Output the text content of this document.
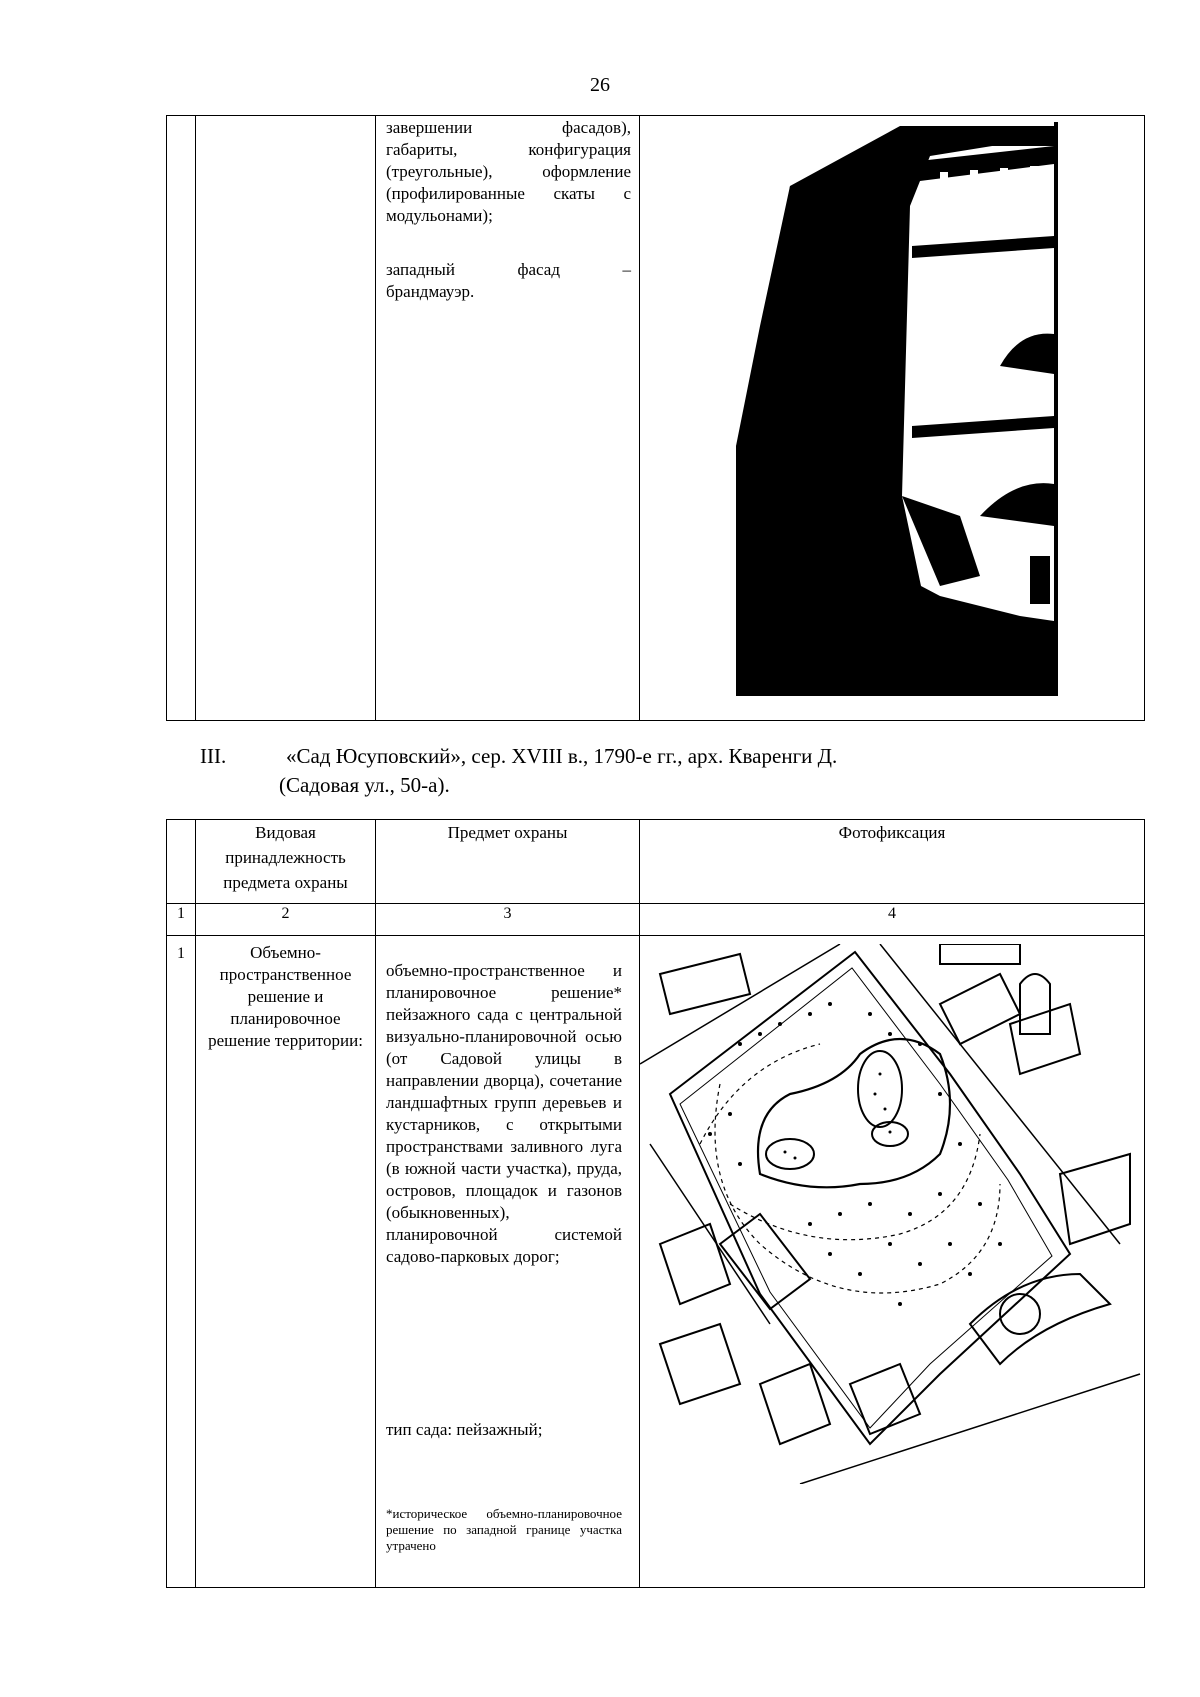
26

завершении фасадов),

габариты, конфигурация

(треугольные), оформление

(профилированные скаты с

модульонами);

западный фасад –

брандмауэр.

III.	«Сад Юсуповский», сер. XVIII в., 1790-е гг., арх. Кваренги Д.
(Садовая ул., 50-а).
	Видовая принадлежность предмета охраны	Предмет охраны	Фотофиксация
1	2	3	4
1	Объемно-пространственное решение и планировочное решение территории:	объемно-пространственное и планировочное решение* пейзажного сада с центральной визуально-планировочной осью (от Садовой улицы в направлении дворца), сочетание ландшафтных групп деревьев и кустарников, с открытыми пространствами заливного луга (в южной части участка), пруда, островов, площадок и газонов (обыкновенных), планировочной системой садово-парковых дорог;
тип сада: пейзажный;
*историческое объемно-планировочное решение по западной границе участка утрачено
